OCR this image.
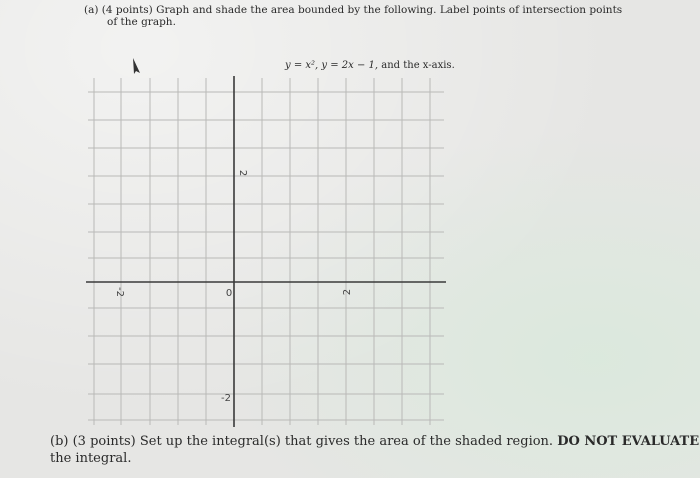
(a) (4 points) Graph and shade the area bounded by the following. Label points of intersection points
of the graph.
y = x², y = 2x − 1, and the x-axis.
-2	0	2
2
-2
(b) (3 points) Set up the integral(s) that gives the area of the shaded region. DO NOT EVALUATE
the integral.
